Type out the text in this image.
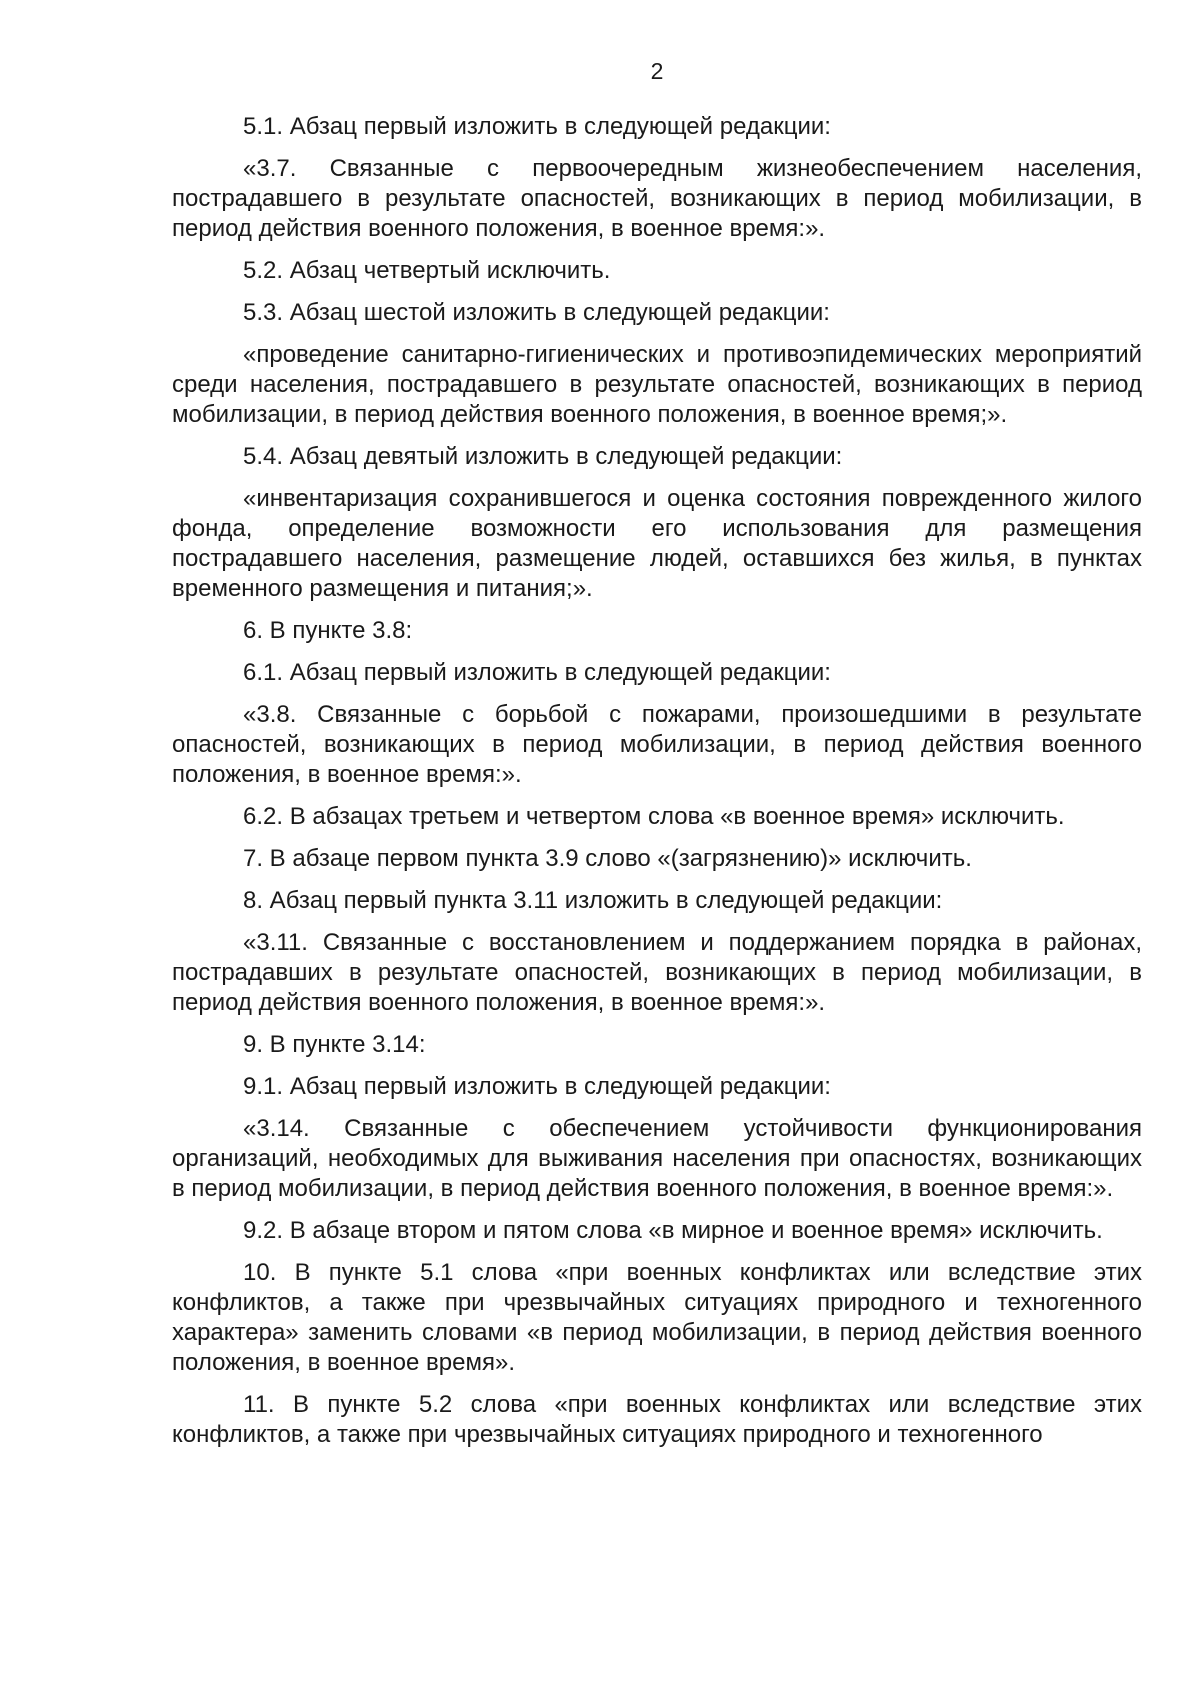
2

5.1. Абзац первый изложить в следующей редакции:

«3.7. Связанные с первоочередным жизнеобеспечением населения, пострадавшего в результате опасностей, возникающих в период мобилизации, в период действия военного положения, в военное время:».

5.2. Абзац четвертый исключить.

5.3. Абзац шестой изложить в следующей редакции:

«проведение санитарно-гигиенических и противоэпидемических мероприятий среди населения, пострадавшего в результате опасностей, возникающих в период мобилизации, в период действия военного положения, в военное время;».

5.4. Абзац девятый изложить в следующей редакции:

«инвентаризация сохранившегося и оценка состояния поврежденного жилого фонда, определение возможности его использования для размещения пострадавшего населения, размещение людей, оставшихся без жилья, в пунктах временного размещения и питания;».

6. В пункте 3.8:

6.1. Абзац первый изложить в следующей редакции:

«3.8. Связанные с борьбой с пожарами, произошедшими в результате опасностей, возникающих в период мобилизации, в период действия военного положения, в военное время:».

6.2. В абзацах третьем и четвертом слова «в военное время» исключить.

7. В абзаце первом пункта 3.9 слово «(загрязнению)» исключить.

8. Абзац первый пункта 3.11 изложить в следующей редакции:

«3.11. Связанные с восстановлением и поддержанием порядка в районах, пострадавших в результате опасностей, возникающих в период мобилизации, в период действия военного положения, в военное время:».

9. В пункте 3.14:

9.1. Абзац первый изложить в следующей редакции:

«3.14. Связанные с обеспечением устойчивости функционирования организаций, необходимых для выживания населения при опасностях, возникающих в период мобилизации, в период действия военного положения, в военное время:».

9.2. В абзаце втором и пятом слова «в мирное и военное время» исключить.

10. В пункте 5.1 слова «при военных конфликтах или вследствие этих конфликтов, а также при чрезвычайных ситуациях природного и техногенного характера» заменить словами «в период мобилизации, в период действия военного положения, в военное время».

11. В пункте 5.2 слова «при военных конфликтах или вследствие этих конфликтов, а также при чрезвычайных ситуациях природного и техногенного
